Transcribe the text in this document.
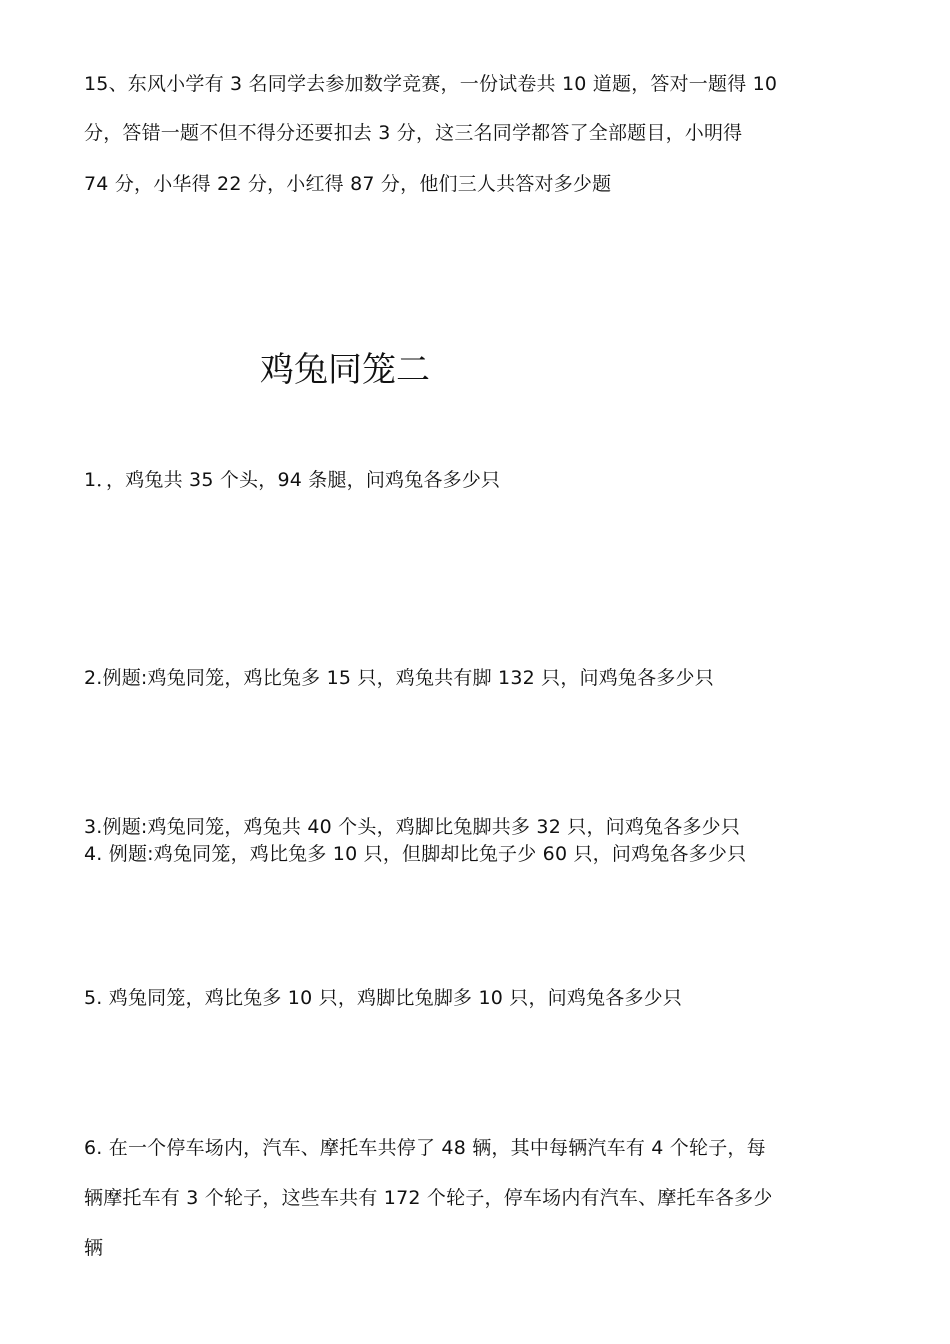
15、东风小学有 3 名同学去参加数学竞赛，一份试卷共 10 道题，答对一题得 10
分，答错一题不但不得分还要扣去 3 分，这三名同学都答了全部题目，小明得
74 分，小华得 22 分，小红得 87 分，他们三人共答对多少题
鸡兔同笼二
1．，鸡兔共 35 个头，94 条腿，问鸡兔各多少只
2.例题:鸡兔同笼，鸡比兔多 15 只，鸡兔共有脚 132 只，问鸡兔各多少只
3.例题:鸡兔同笼，鸡兔共 40 个头，鸡脚比兔脚共多 32 只，问鸡兔各多少只
4. 例题:鸡兔同笼，鸡比兔多 10 只，但脚却比兔子少 60 只，问鸡兔各多少只
5. 鸡兔同笼，鸡比兔多 10 只，鸡脚比兔脚多 10 只，问鸡兔各多少只
6. 在一个停车场内，汽车、摩托车共停了 48 辆，其中每辆汽车有 4 个轮子，每
辆摩托车有 3 个轮子，这些车共有 172 个轮子，停车场内有汽车、摩托车各多少
辆
